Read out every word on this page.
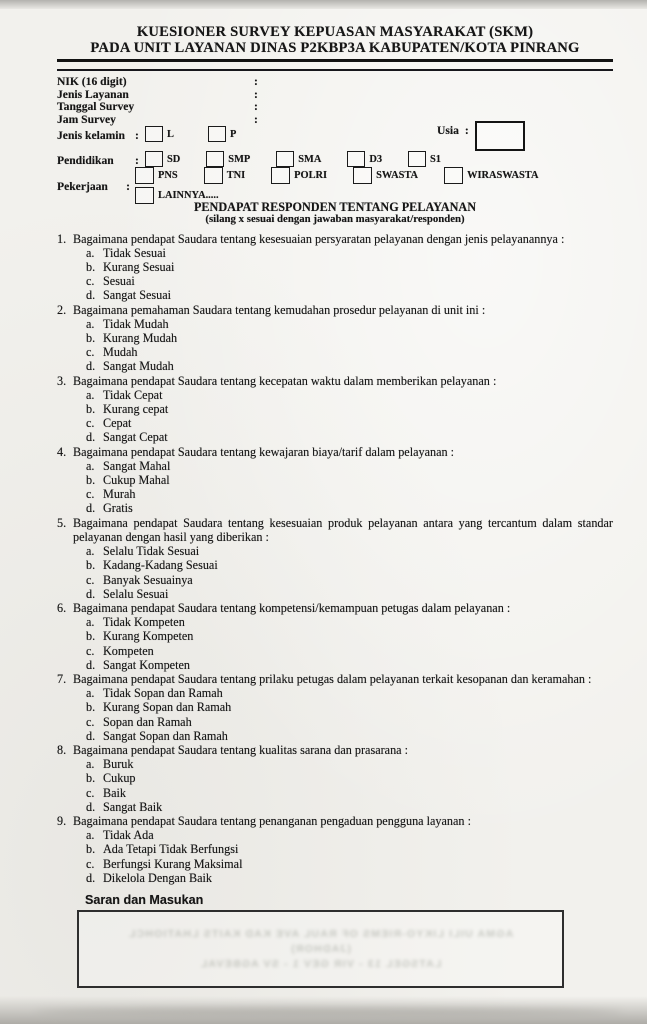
KUESIONER SURVEY KEPUASAN MASYARAKAT (SKM)
PADA UNIT LAYANAN DINAS P2KBP3A KABUPATEN/KOTA PINRANG
NIK (16 digit)	:
Jenis Layanan	:
Tanggal Survey	:
Jam Survey	:
Jenis kelamin :	L	P	Usia :
Pendidikan	:	SD	SMP	SMA	D3	S1
Pekerjaan	:
PNS	TNI	POLRI	SWASTA	WIRASWASTA
LAINNYA.....
PENDAPAT RESPONDEN TENTANG PELAYANAN
(silang x sesuai dengan jawaban masyarakat/responden)
1. Bagaimana pendapat Saudara tentang kesesuaian persyaratan pelayanan dengan jenis pelayanannya :
a. Tidak Sesuai
b. Kurang Sesuai
c. Sesuai
d. Sangat Sesuai
2. Bagaimana pemahaman Saudara tentang kemudahan prosedur pelayanan di unit ini :
a. Tidak Mudah
b. Kurang Mudah
c. Mudah
d. Sangat Mudah
3. Bagaimana pendapat Saudara tentang kecepatan waktu dalam memberikan pelayanan :
a. Tidak Cepat
b. Kurang cepat
c. Cepat
d. Sangat Cepat
4. Bagaimana pendapat Saudara tentang kewajaran biaya/tarif dalam pelayanan :
a. Sangat Mahal
b. Cukup Mahal
c. Murah
d. Gratis
5. Bagaimana pendapat Saudara tentang kesesuaian produk pelayanan antara yang tercantum dalam standar pelayanan dengan hasil yang diberikan :
a. Selalu Tidak Sesuai
b. Kadang-Kadang Sesuai
c. Banyak Sesuainya
d. Selalu Sesuai
6. Bagaimana pendapat Saudara tentang kompetensi/kemampuan petugas dalam pelayanan :
a. Tidak Kompeten
b. Kurang Kompeten
c. Kompeten
d. Sangat Kompeten
7. Bagaimana pendapat Saudara tentang prilaku petugas dalam pelayanan terkait kesopanan dan keramahan :
a. Tidak Sopan dan Ramah
b. Kurang Sopan dan Ramah
c. Sopan dan Ramah
d. Sangat Sopan dan Ramah
8. Bagaimana pendapat Saudara tentang kualitas sarana dan prasarana :
a. Buruk
b. Cukup
c. Baik
d. Sangat Baik
9. Bagaimana pendapat Saudara tentang penanganan pengaduan pengguna layanan :
a. Tidak Ada
b. Ada Tetapi Tidak Berfungsi
c. Berfungsi Kurang Maksimal
d. Dikelola Dengan Baik
Saran dan Masukan
AGMA UILI LIKYO-RIEMS OF RAUL AVE KAD KAITS LHATIOHCL
(JADHOR)
LATSGEL 13 - VIR GEV 1 - SV AGBEVAL
